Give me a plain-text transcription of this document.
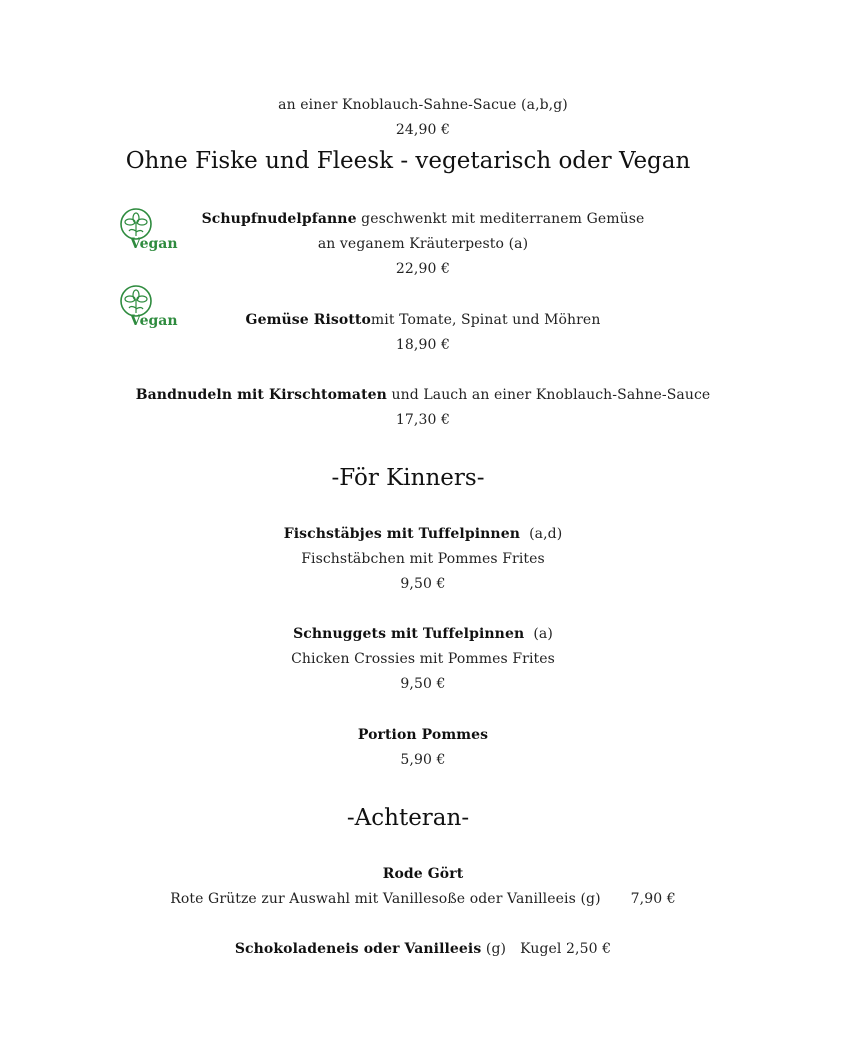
an einer Knoblauch-Sahne-Sacue (a,b,g)
24,90 €
Ohne Fiske und Fleesk - vegetarisch oder Vegan
Vegan
Schupfnudelpfanne geschwenkt mit mediterranem Gemüse
an veganem Kräuterpesto (a)
22,90 €
Vegan	Gemüse Risottomit Tomate, Spinat und Möhren
18,90 €
Bandnudeln mit Kirschtomaten und Lauch an einer Knoblauch-Sahne-Sauce
17,30 €
-För Kinners-
Fischstäbjes mit Tuffelpinnen  (a,d)
Fischstäbchen mit Pommes Frites
9,50 €
Schnuggets mit Tuffelpinnen  (a)
Chicken Crossies mit Pommes Frites
9,50 €
Portion Pommes
5,90 €
-Achteran-
Rode Gört
Rote Grütze zur Auswahl mit Vanillesoße oder Vanilleeis (g) 7,90 €
Schokoladeneis oder Vanilleeis (g) Kugel 2,50 €
